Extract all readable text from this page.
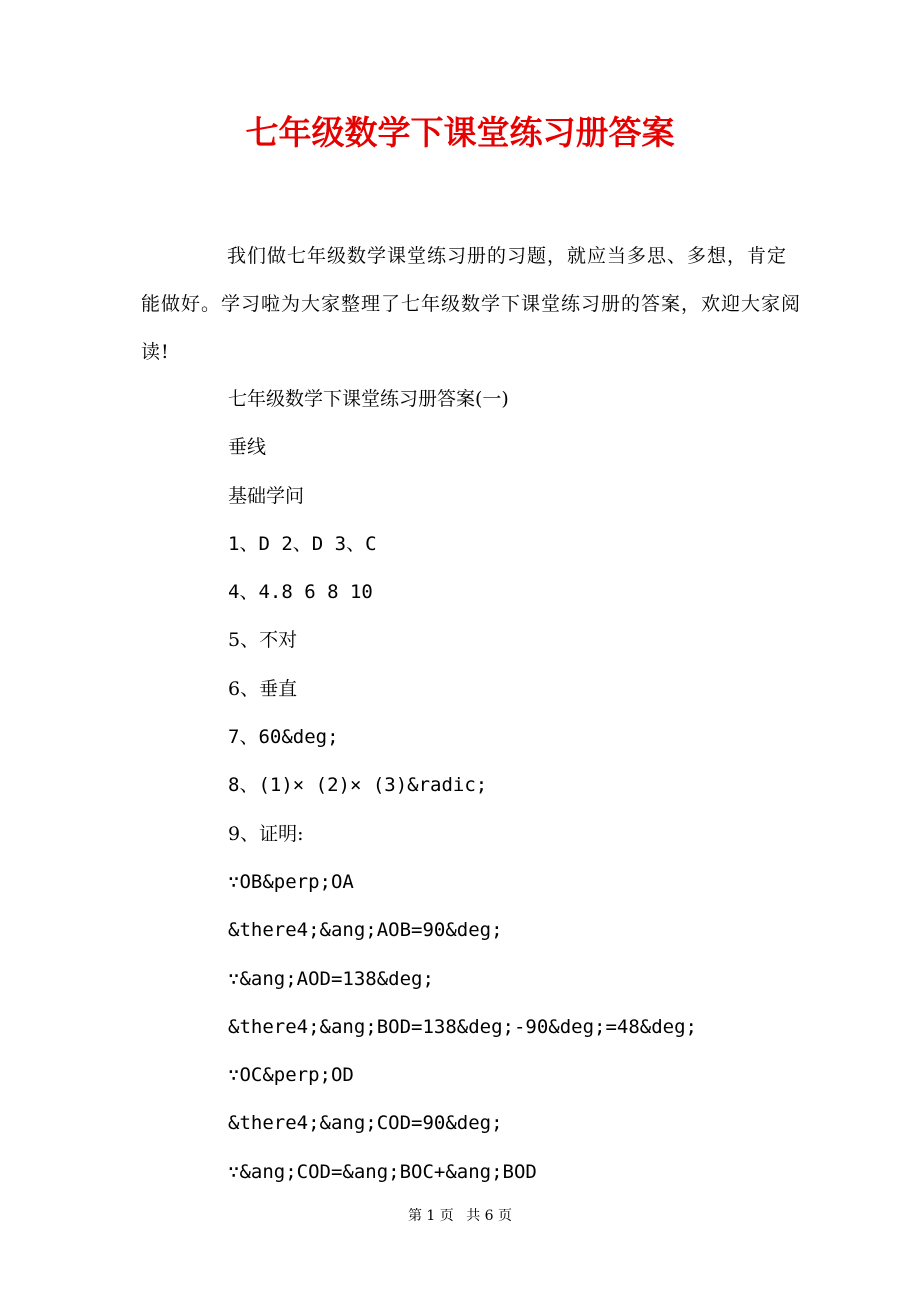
七年级数学下课堂练习册答案

我们做七年级数学课堂练习册的习题，就应当多思、多想，肯定能做好。学习啦为大家整理了七年级数学下课堂练习册的答案，欢迎大家阅读!

七年级数学下课堂练习册答案(一)
垂线
基础学问
1、D 2、D 3、C
4、4.8 6 8 10
5、不对
6、垂直
7、60&deg;
8、(1)× (2)× (3)&radic;
9、证明:
∵OB&perp;OA
&there4;&ang;AOB=90&deg;
∵&ang;AOD=138&deg;
&there4;&ang;BOD=138&deg;-90&deg;=48&deg;
∵OC&perp;OD
&there4;&ang;COD=90&deg;
∵&ang;COD=&ang;BOC+&ang;BOD
第 1 页 共 6 页
